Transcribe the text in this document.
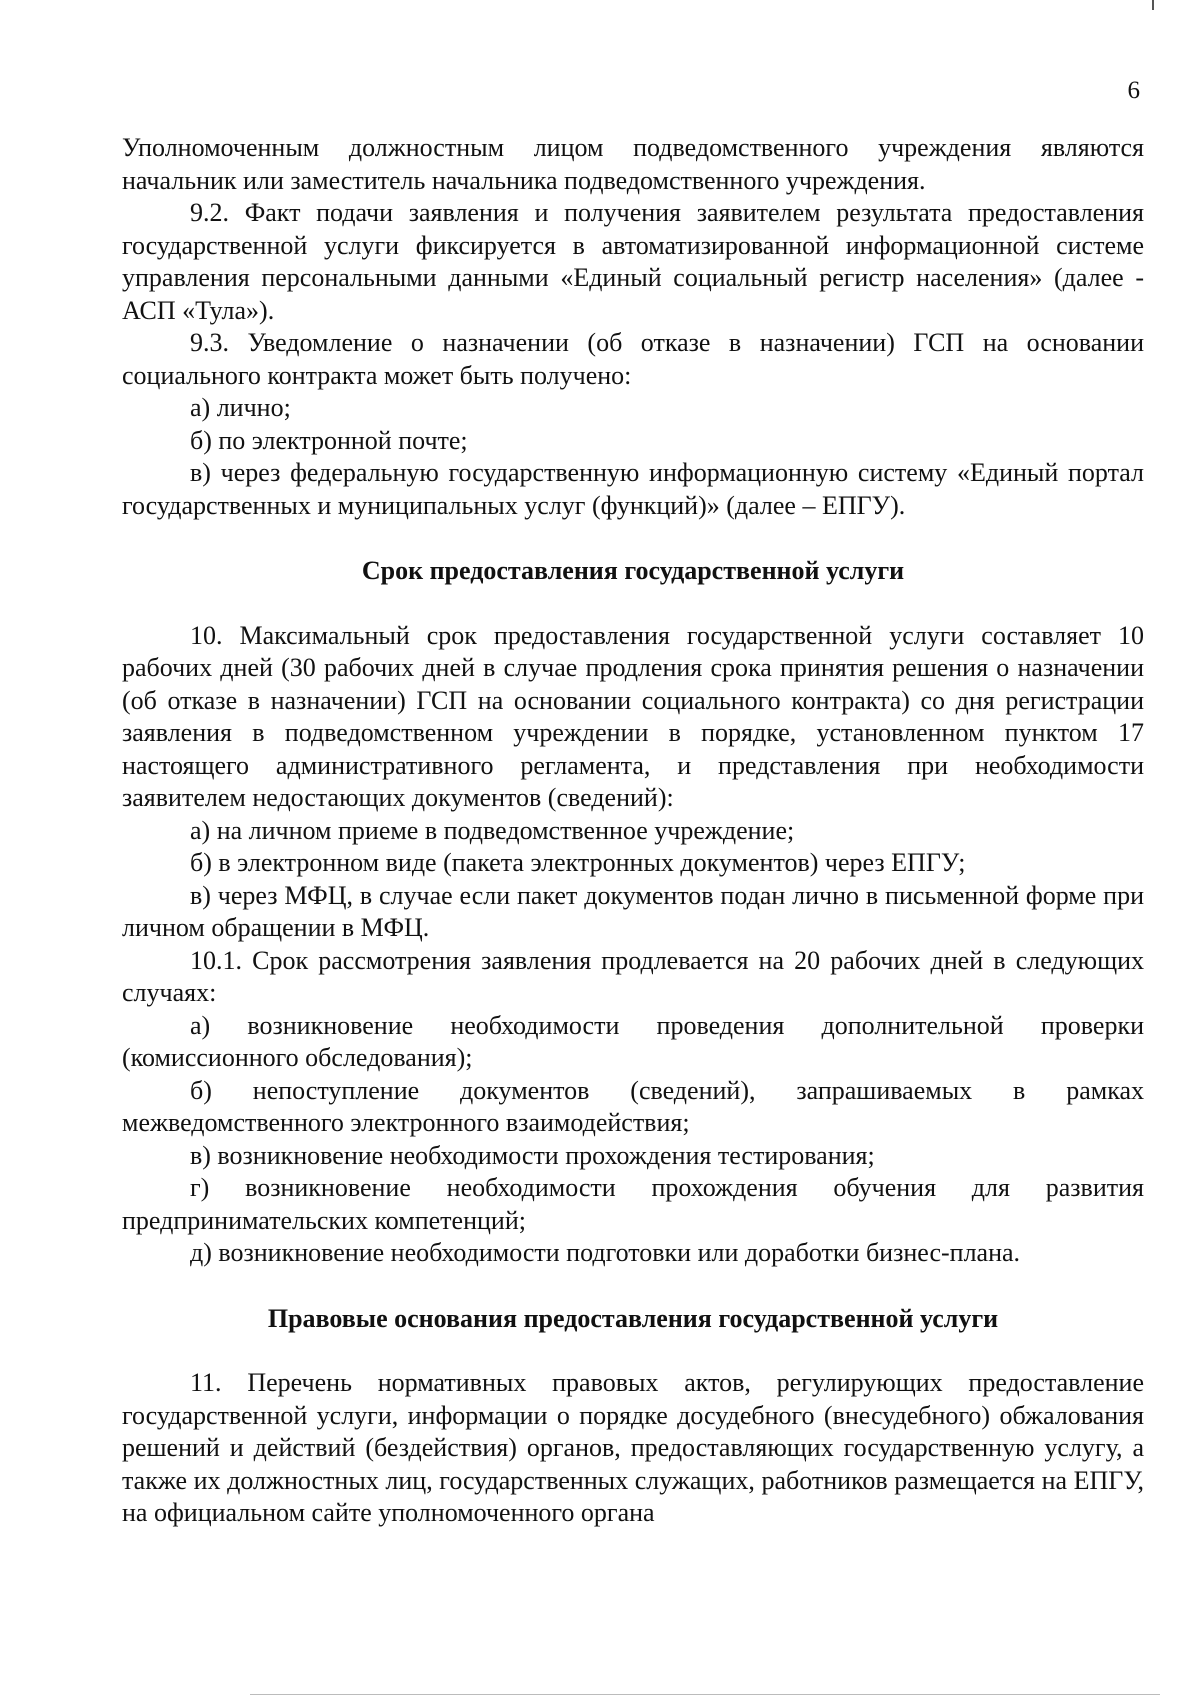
6

Уполномоченным должностным лицом подведомственного учреждения являются начальник или заместитель начальника подведомственного учреждения.

9.2. Факт подачи заявления и получения заявителем результата предоставления государственной услуги фиксируется в автоматизированной информационной системе управления персональными данными «Единый социальный регистр населения» (далее - АСП «Тула»).

9.3. Уведомление о назначении (об отказе в назначении) ГСП на основании социального контракта может быть получено:

а) лично;

б) по электронной почте;

в) через федеральную государственную информационную систему «Единый портал государственных и муниципальных услуг (функций)» (далее – ЕПГУ).

Срок предоставления государственной услуги

10. Максимальный срок предоставления государственной услуги составляет 10 рабочих дней (30 рабочих дней в случае продления срока принятия решения о назначении (об отказе в назначении) ГСП на основании социального контракта) со дня регистрации заявления в подведомственном учреждении в порядке, установленном пунктом 17 настоящего административного регламента, и представления при необходимости заявителем недостающих документов (сведений):

а) на личном приеме в подведомственное учреждение;

б) в электронном виде (пакета электронных документов) через ЕПГУ;

в) через МФЦ, в случае если пакет документов подан лично в письменной форме при личном обращении в МФЦ.

10.1. Срок рассмотрения заявления продлевается на 20 рабочих дней в следующих случаях:

а) возникновение необходимости проведения дополнительной проверки (комиссионного обследования);

б) непоступление документов (сведений), запрашиваемых в рамках межведомственного электронного взаимодействия;

в) возникновение необходимости прохождения тестирования;

г) возникновение необходимости прохождения обучения для развития предпринимательских компетенций;

д) возникновение необходимости подготовки или доработки бизнес-плана.

Правовые основания предоставления государственной услуги

11. Перечень нормативных правовых актов, регулирующих предоставление государственной услуги, информации о порядке досудебного (внесудебного) обжалования решений и действий (бездействия) органов, предоставляющих государственную услугу, а также их должностных лиц, государственных служащих, работников размещается на ЕПГУ, на официальном сайте уполномоченного органа
